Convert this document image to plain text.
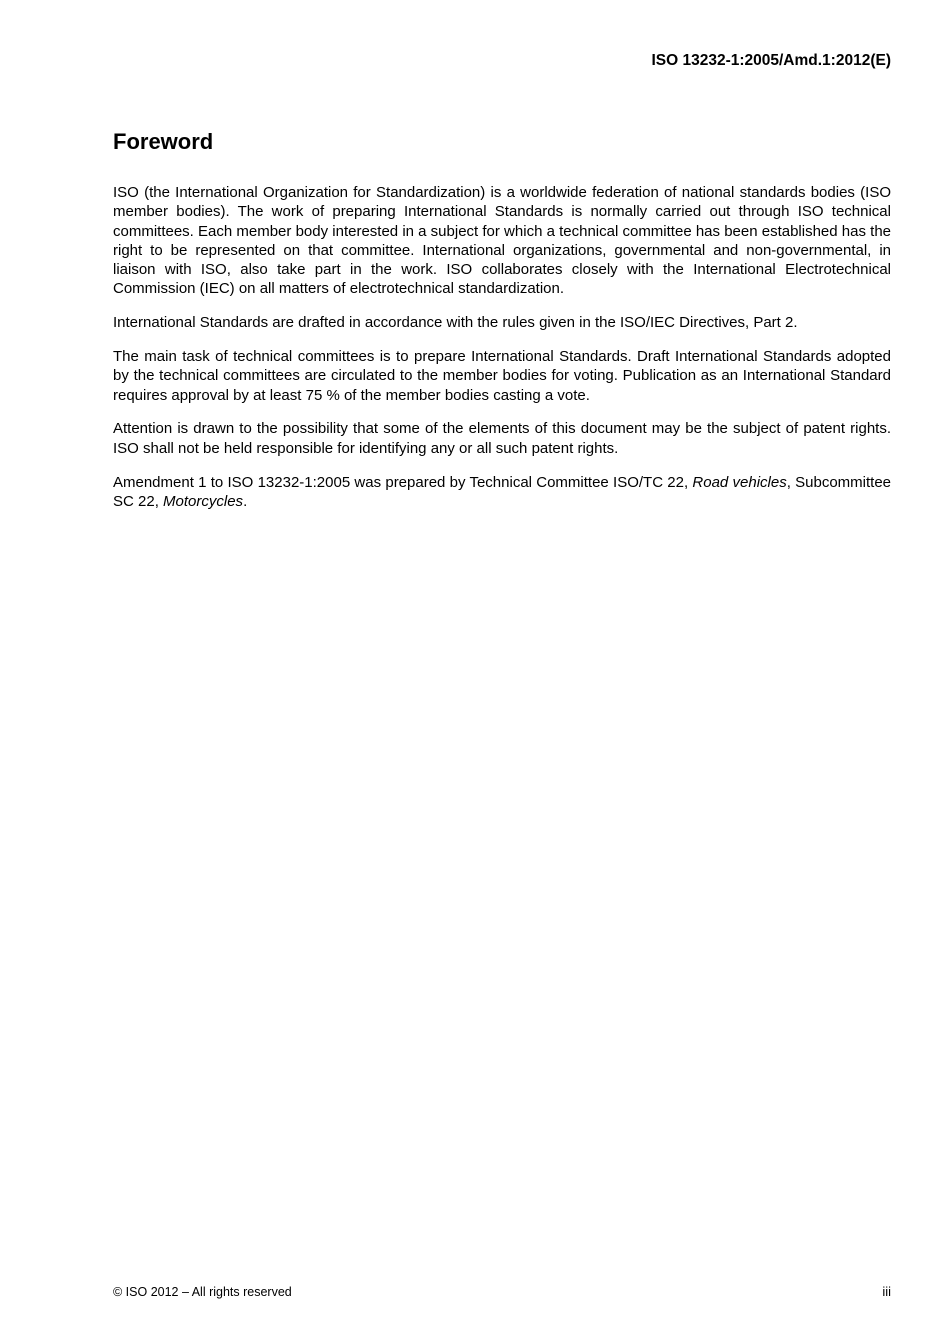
ISO 13232-1:2005/Amd.1:2012(E)
Foreword

ISO (the International Organization for Standardization) is a worldwide federation of national standards bodies (ISO member bodies). The work of preparing International Standards is normally carried out through ISO technical committees. Each member body interested in a subject for which a technical committee has been established has the right to be represented on that committee. International organizations, governmental and non-governmental, in liaison with ISO, also take part in the work. ISO collaborates closely with the International Electrotechnical Commission (IEC) on all matters of electrotechnical standardization.

International Standards are drafted in accordance with the rules given in the ISO/IEC Directives, Part 2.

The main task of technical committees is to prepare International Standards. Draft International Standards adopted by the technical committees are circulated to the member bodies for voting. Publication as an International Standard requires approval by at least 75 % of the member bodies casting a vote.

Attention is drawn to the possibility that some of the elements of this document may be the subject of patent rights. ISO shall not be held responsible for identifying any or all such patent rights.

Amendment 1 to ISO 13232-1:2005 was prepared by Technical Committee ISO/TC 22, Road vehicles, Subcommittee SC 22, Motorcycles.

© ISO 2012 – All rights reserved	iii
